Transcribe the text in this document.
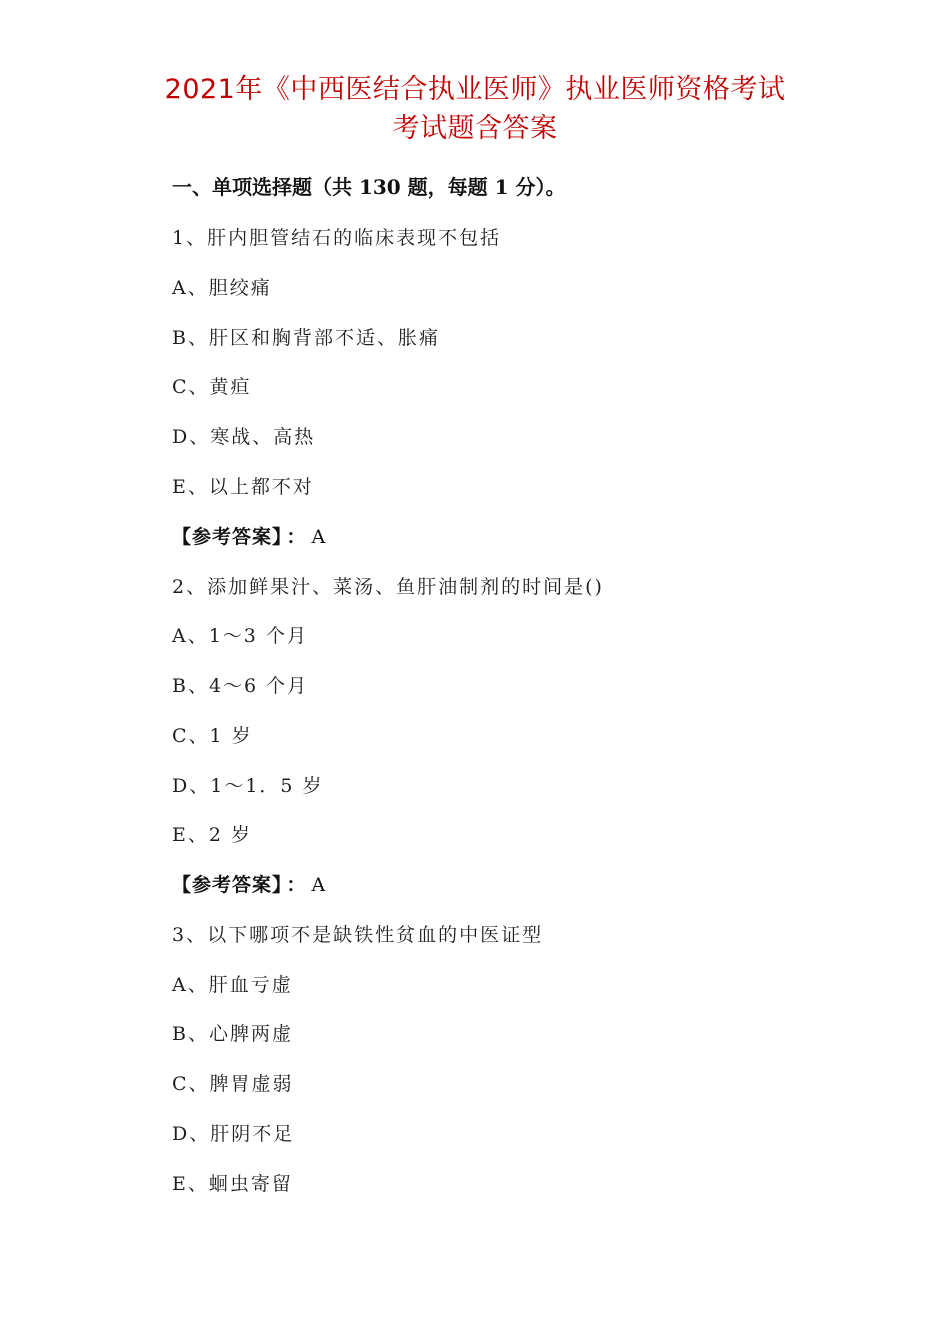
2021年《中西医结合执业医师》执业医师资格考试
考试题含答案
一、单项选择题（共 130 题，每题 1 分）。
1、肝内胆管结石的临床表现不包括
A、胆绞痛
B、肝区和胸背部不适、胀痛
C、黄疸
D、寒战、高热
E、以上都不对
【参考答案】 ： A
2、添加鲜果汁、菜汤、鱼肝油制剂的时间是()
A、1～3 个月
B、4～6 个月
C、1 岁
D、1～1．5 岁
E、2 岁
【参考答案】 ： A
3、以下哪项不是缺铁性贫血的中医证型
A、肝血亏虚
B、心脾两虚
C、脾胃虚弱
D、肝阴不足
E、蛔虫寄留
